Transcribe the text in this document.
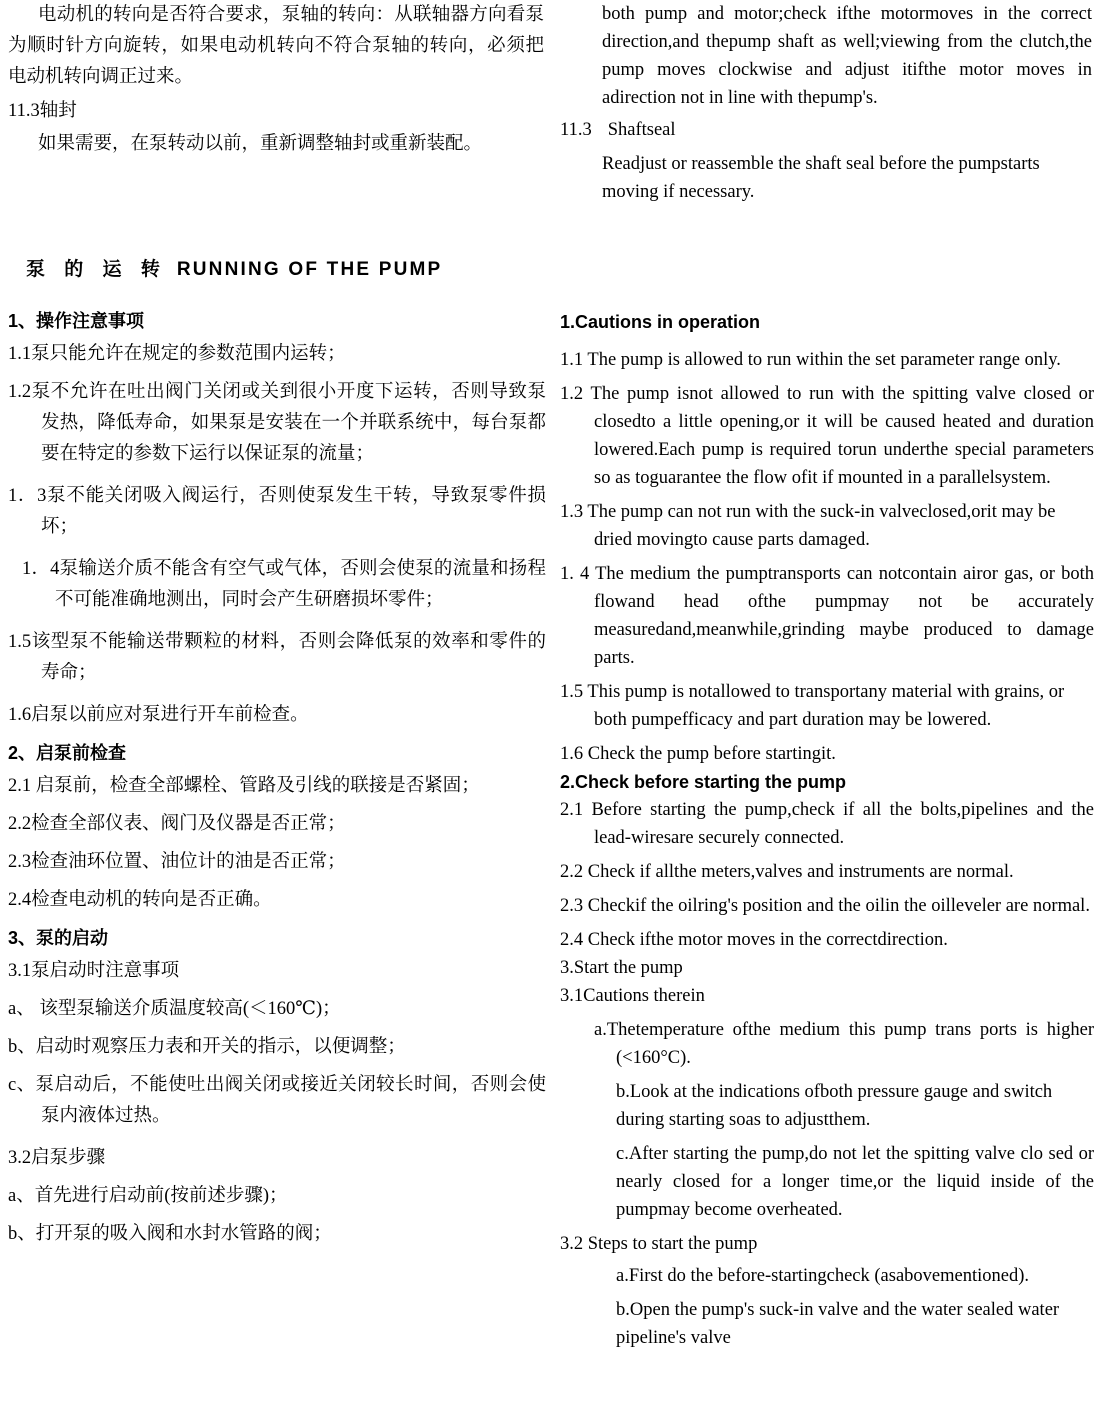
电动机的转向是否符合要求，泵轴的转向：从联轴器方向看泵为顺时针方向旋转，如果电动机转向不符合泵轴的转向，必须把电动机转向调正过来。

11.3轴封

如果需要，在泵转动以前，重新调整轴封或重新装配。

both pump and motor;check ifthe motormoves in the correct direction,and thepump shaft as well;viewing from the clutch,the pump moves clockwise and adjust itifthe motor moves in adirection not in line with thepump's.

11.3 Shaftseal

Readjust or reassemble the shaft seal before the pumpstarts moving if necessary.

泵 的 运 转 RUNNING OF THE PUMP

1、操作注意事项

1.1泵只能允许在规定的参数范围内运转；

1.2泵不允许在吐出阀门关闭或关到很小开度下运转，否则导致泵发热，降低寿命，如果泵是安装在一个并联系统中，每台泵都要在特定的参数下运行以保证泵的流量；

1．3泵不能关闭吸入阀运行，否则使泵发生干转，导致泵零件损坏；

1．4泵输送介质不能含有空气或气体，否则会使泵的流量和扬程不可能准确地测出，同时会产生研磨损坏零件；

1.5该型泵不能输送带颗粒的材料，否则会降低泵的效率和零件的寿命；

1.6启泵以前应对泵进行开车前检查。

2、启泵前检查

2.1 启泵前，检查全部螺栓、管路及引线的联接是否紧固；

2.2检查全部仪表、阀门及仪器是否正常；

2.3检查油环位置、油位计的油是否正常；

2.4检查电动机的转向是否正确。

3、泵的启动

3.1泵启动时注意事项

a、 该型泵输送介质温度较高(＜160℃)；

b、启动时观察压力表和开关的指示，以便调整；

c、泵启动后，不能使吐出阀关闭或接近关闭较长时间，否则会使泵内液体过热。

3.2启泵步骤

a、首先进行启动前(按前述步骤)；

b、打开泵的吸入阀和水封水管路的阀；

1.Cautions in operation

1.1 The pump is allowed to run within the set parameter range only.

1.2 The pump isnot allowed to run with the spitting valve closed or closedto a little opening,or it will be caused heated and duration lowered.Each pump is required torun underthe special parameters so as toguarantee the flow ofit if mounted in a parallelsystem.

1.3 The pump can not run with the suck-in valveclosed,orit may be dried movingto cause parts damaged.

1. 4 The medium the pumptransports can notcontain airor gas, or both flowand head ofthe pumpmay not be accurately measuredand,meanwhile,grinding maybe produced to damage parts.

1.5 This pump is notallowed to transportany material with grains, or both pumpefficacy and part duration may be lowered.

1.6 Check the pump before startingit.

2.Check before starting the pump

2.1 Before starting the pump,check if all the bolts,pipelines and the lead-wiresare securely connected.

2.2 Check if allthe meters,valves and instruments are normal.

2.3 Checkif the oilring's position and the oilin the oilleveler are normal.

2.4 Check ifthe motor moves in the correctdirection.

3.Start the pump

3.1Cautions therein

a.Thetemperature ofthe medium this pump trans ports is higher (<160°C).

b.Look at the indications ofboth pressure gauge and switch during starting soas to adjustthem.

c.After starting the pump,do not let the spitting valve clo sed or nearly closed for a longer time,or the liquid inside of the pumpmay become overheated.

3.2 Steps to start the pump

a.First do the before-startingcheck (asabovementioned).

b.Open the pump's suck-in valve and the water sealed water pipeline's valve
